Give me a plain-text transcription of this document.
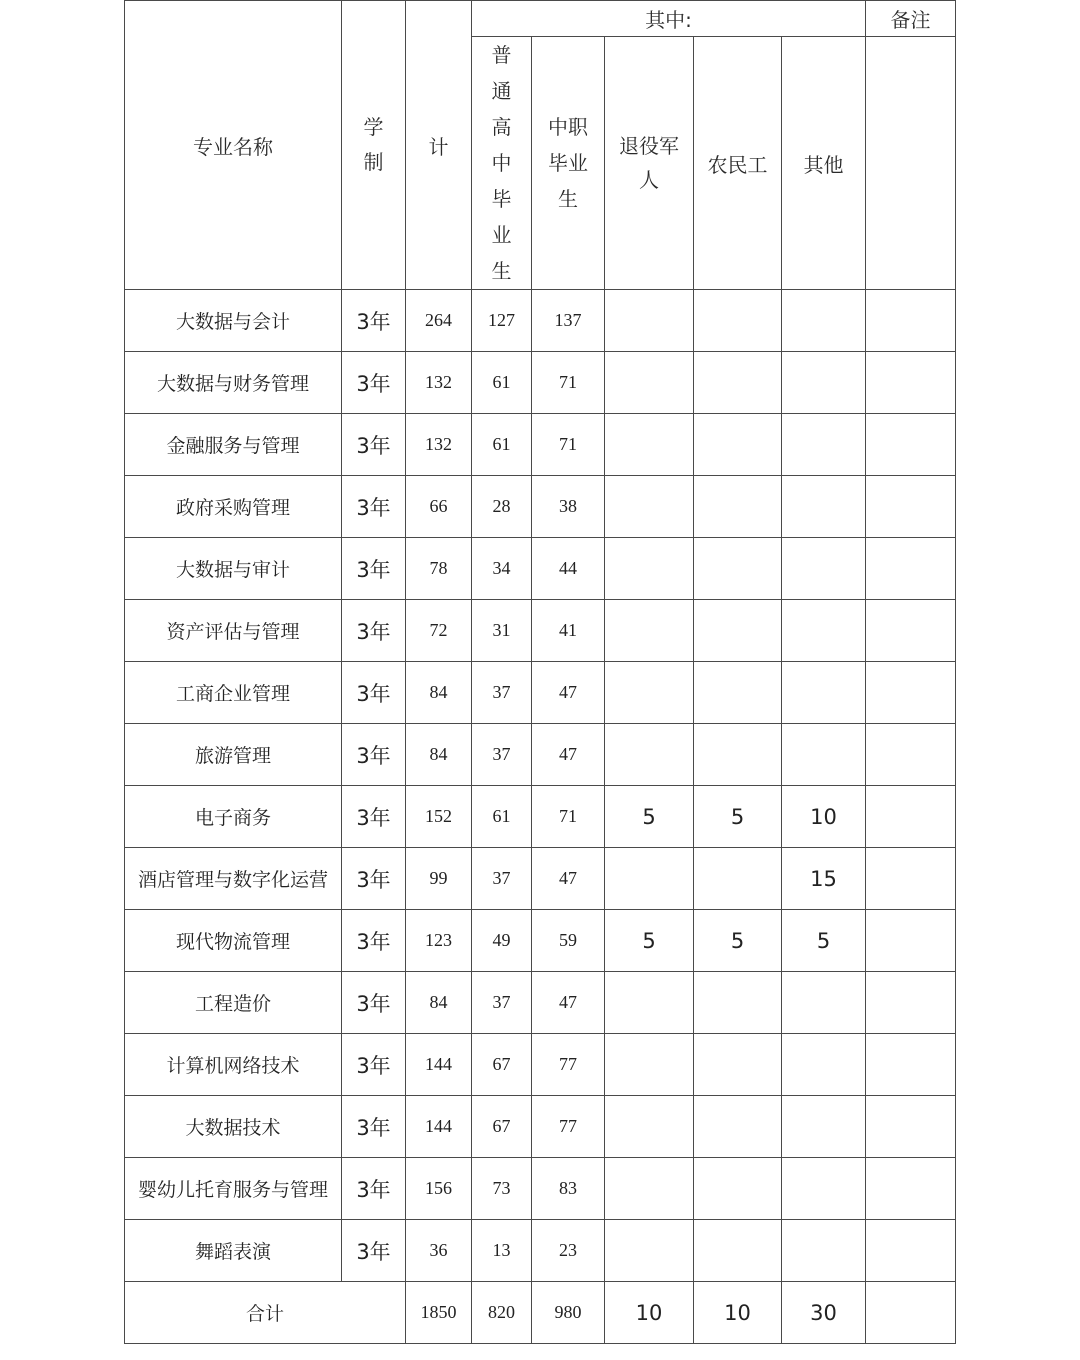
专业名称	学制	计	其中:					备注
			普通高中毕业生	中职毕业生	退役军人	农民工	其他	
大数据与会计	3年	264	127	137				
大数据与财务管理	3年	132	61	71				
金融服务与管理	3年	132	61	71				
政府采购管理	3年	66	28	38				
大数据与审计	3年	78	34	44				
资产评估与管理	3年	72	31	41				
工商企业管理	3年	84	37	47				
旅游管理	3年	84	37	47				
电子商务	3年	152	61	71	5	5	10	
酒店管理与数字化运营	3年	99	37	47			15	
现代物流管理	3年	123	49	59	5	5	5	
工程造价	3年	84	37	47				
计算机网络技术	3年	144	67	77				
大数据技术	3年	144	67	77				
婴幼儿托育服务与管理	3年	156	73	83				
舞蹈表演	3年	36	13	23				
合计		1850	820	980	10	10	30	
